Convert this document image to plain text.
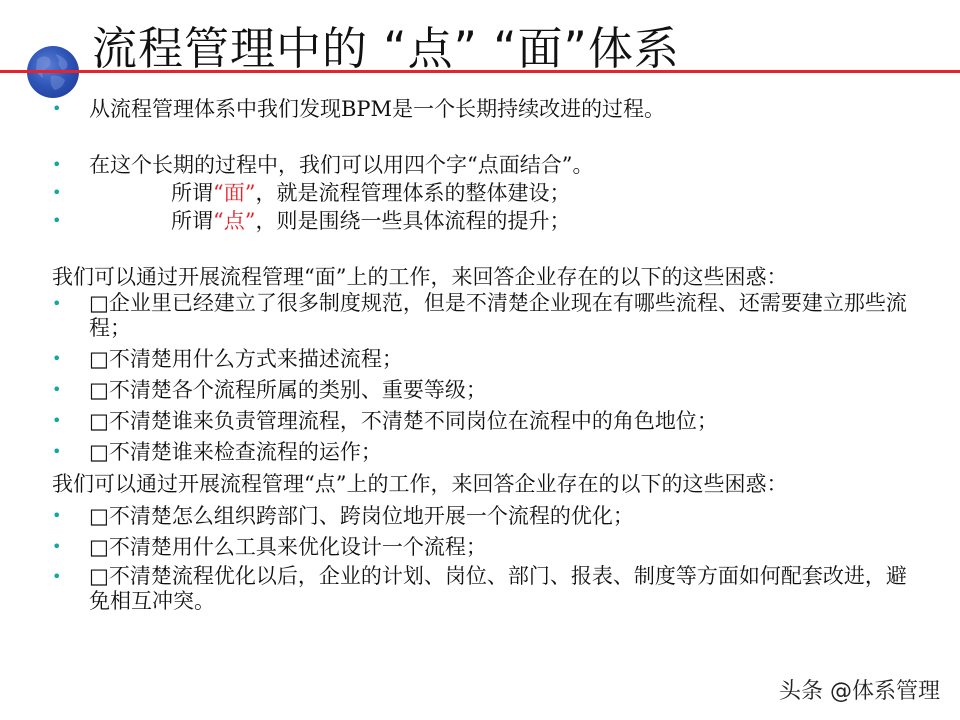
流程管理中的 “点” “面”体系
• 从流程管理体系中我们发现BPM是一个长期持续改进的过程。
• 在这个长期的过程中，我们可以用四个字“点面结合”。
•	所谓“面”，就是流程管理体系的整体建设；
•	所谓“点”，则是围绕一些具体流程的提升；
我们可以通过开展流程管理“面”上的工作，来回答企业存在的以下的这些困惑：
• □企业里已经建立了很多制度规范，但是不清楚企业现在有哪些流程、还需要建立那些流程；
• □不清楚用什么方式来描述流程；
• □不清楚各个流程所属的类别、重要等级；
• □不清楚谁来负责管理流程，不清楚不同岗位在流程中的角色地位；
• □不清楚谁来检查流程的运作；
我们可以通过开展流程管理“点”上的工作，来回答企业存在的以下的这些困惑：
• □不清楚怎么组织跨部门、跨岗位地开展一个流程的优化；
• □不清楚用什么工具来优化设计一个流程；
• □不清楚流程优化以后，企业的计划、岗位、部门、报表、制度等方面如何配套改进，避免相互冲突。
头条 @体系管理
